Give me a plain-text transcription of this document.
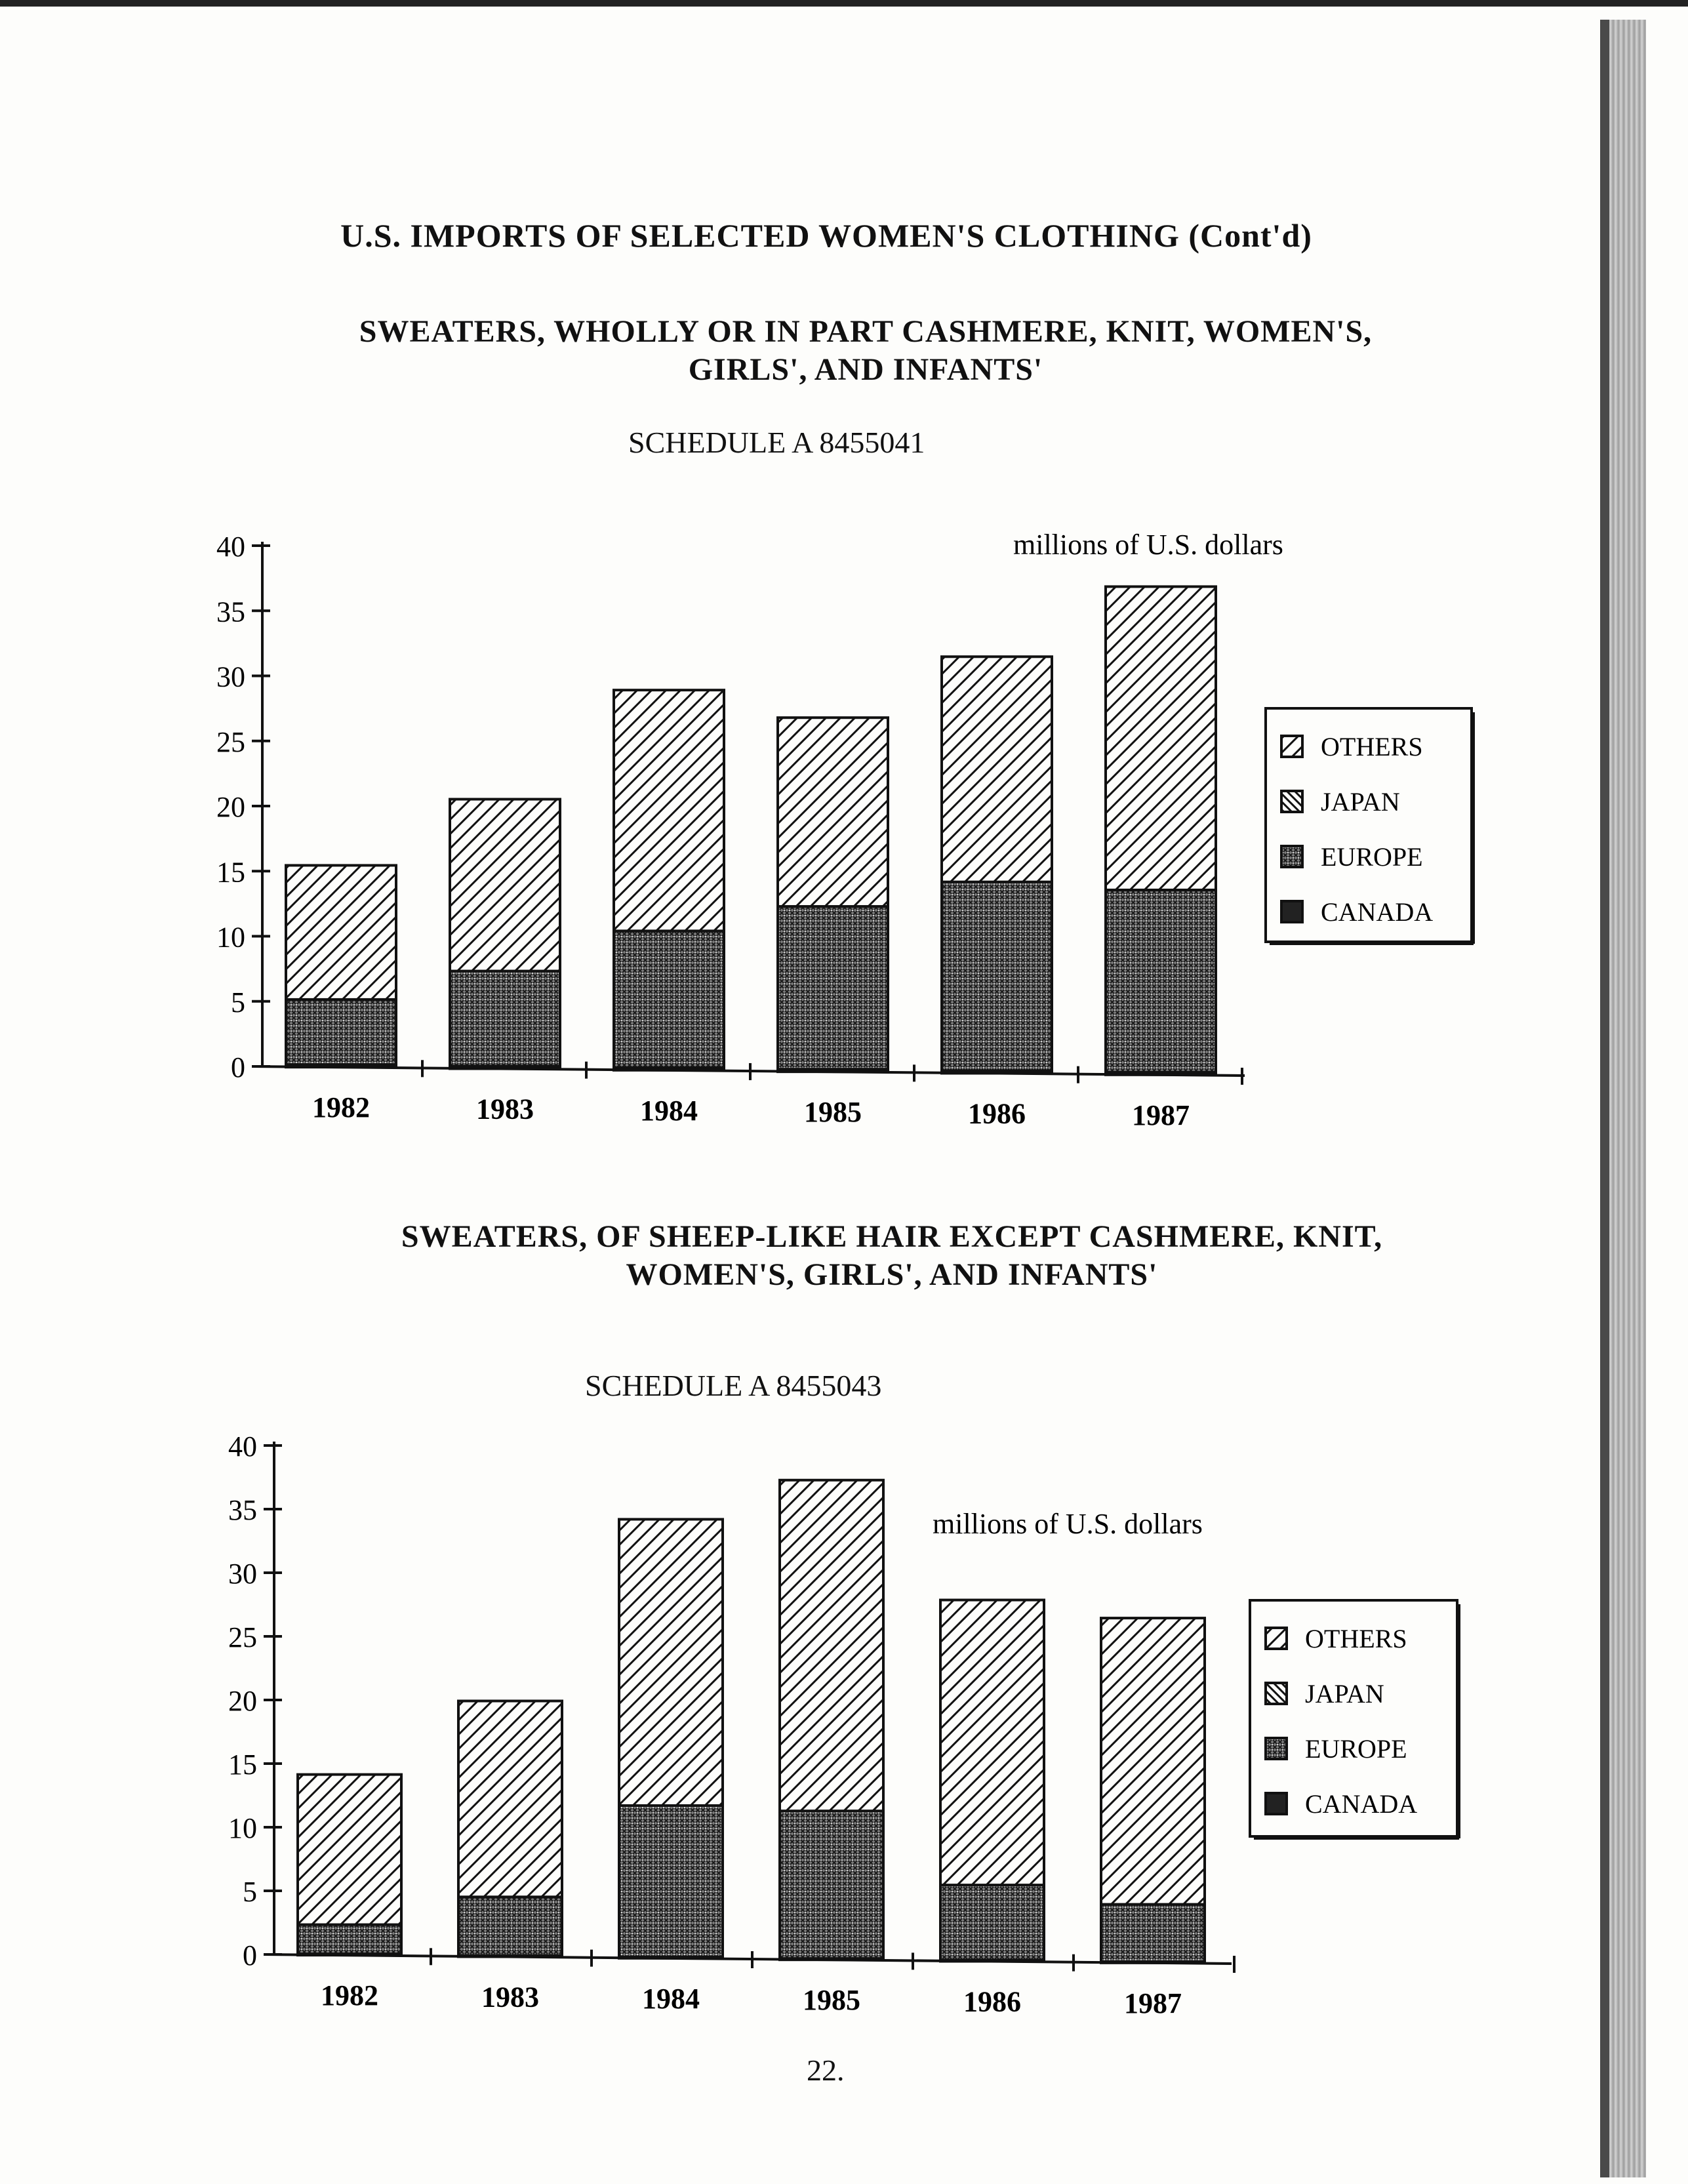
U.S. IMPORTS OF SELECTED WOMEN'S CLOTHING (Cont'd)
SWEATERS, WHOLLY OR IN PART CASHMERE, KNIT, WOMEN'S,
GIRLS', AND INFANTS'
SCHEDULE A 8455041
SWEATERS, OF SHEEP-LIKE HAIR EXCEPT CASHMERE, KNIT,
WOMEN'S, GIRLS', AND INFANTS'
SCHEDULE A 8455043
0
5
10
15
20
25
30
35
40
1982	1983	1984	1985	1986	1987
millions of U.S. dollars
OTHERS
JAPAN
EUROPE
CANADA
0
5
10
15
20
25
30
35
40
1982	1983	1984	1985	1986	1987
millions of U.S. dollars
OTHERS
JAPAN
EUROPE
CANADA
22.
